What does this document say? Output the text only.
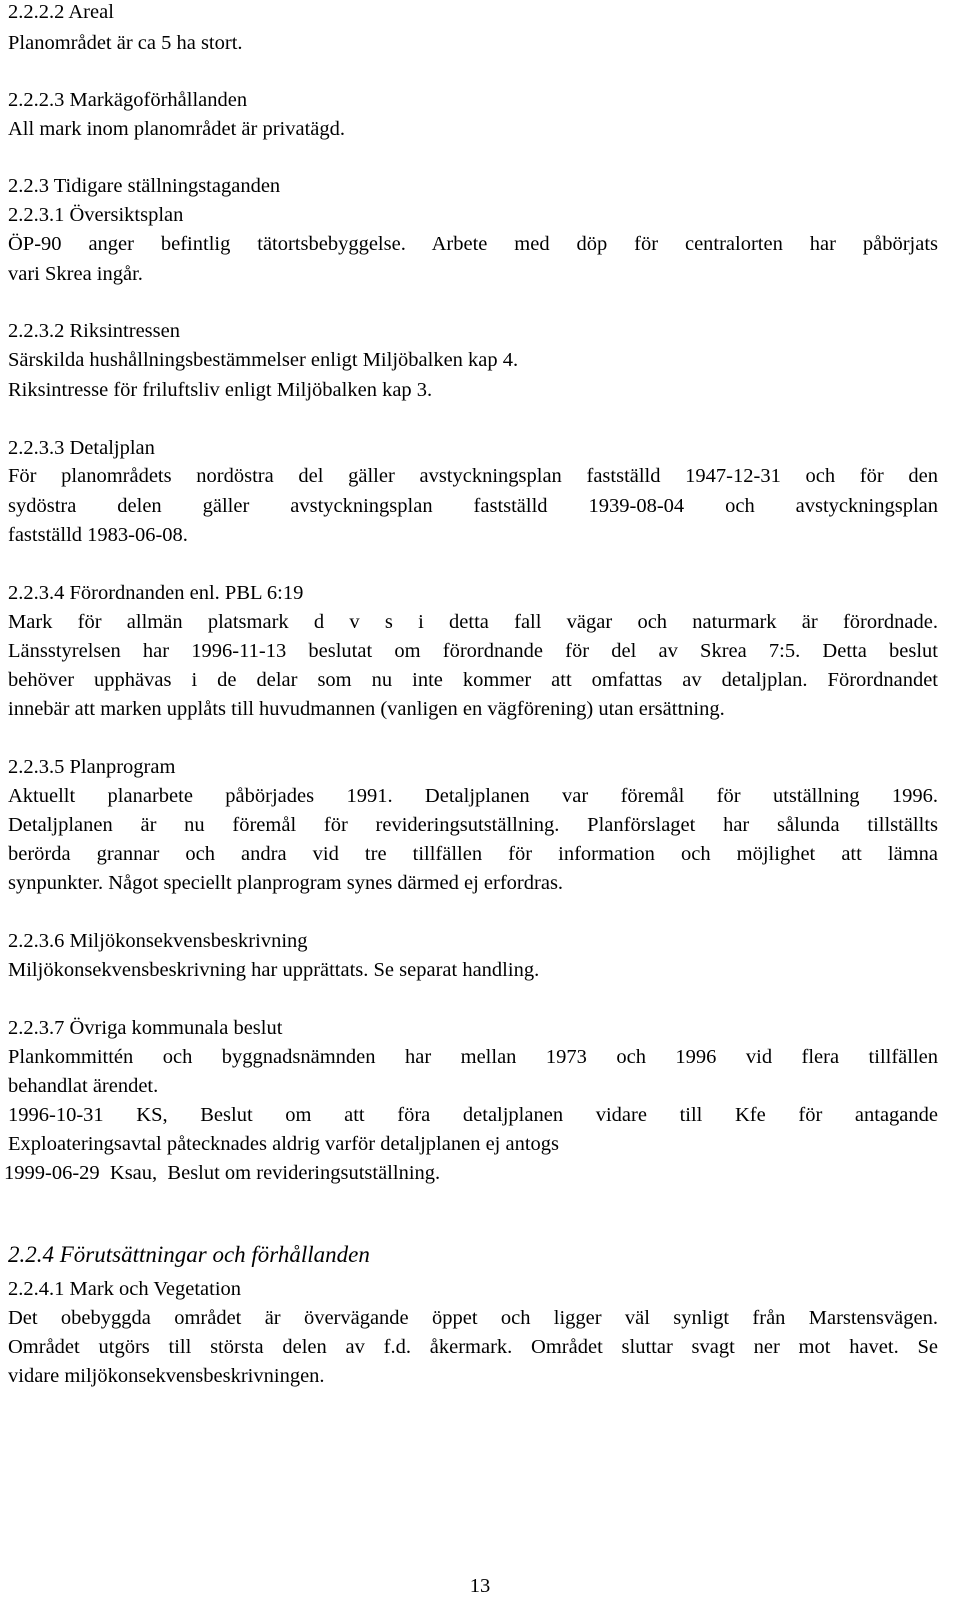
2.2.2.2 Areal
Planområdet är ca 5 ha stort.
2.2.2.3 Markägoförhållanden
All mark inom planområdet är privatägd.
2.2.3 Tidigare ställningstaganden
2.2.3.1 Översiktsplan
ÖP-90 anger befintlig tätortsbebyggelse. Arbete med döp för centralorten har påbörjats
vari Skrea ingår.
2.2.3.2 Riksintressen
Särskilda hushållningsbestämmelser enligt Miljöbalken kap 4.
Riksintresse för friluftsliv enligt Miljöbalken kap 3.
2.2.3.3 Detaljplan
För planområdets nordöstra del gäller avstyckningsplan fastställd 1947-12-31 och för den
sydöstra delen gäller avstyckningsplan fastställd 1939-08-04 och avstyckningsplan
fastställd 1983-06-08.
2.2.3.4 Förordnanden enl. PBL 6:19
Mark för allmän platsmark d v s i detta fall vägar och naturmark är förordnade.
Länsstyrelsen har 1996-11-13 beslutat om förordnande för del av Skrea 7:5. Detta beslut
behöver upphävas i de delar som nu inte kommer att omfattas av detaljplan. Förordnandet
innebär att marken upplåts till huvudmannen (vanligen en vägförening) utan ersättning.
2.2.3.5 Planprogram
Aktuellt planarbete påbörjades 1991. Detaljplanen var föremål för utställning 1996.
Detaljplanen är nu föremål för revideringsutställning. Planförslaget har sålunda tillställts
berörda grannar och andra vid tre tillfällen för information och möjlighet att lämna
synpunkter. Något speciellt planprogram synes därmed ej erfordras.
2.2.3.6 Miljökonsekvensbeskrivning
Miljökonsekvensbeskrivning har upprättats. Se separat handling.
2.2.3.7 Övriga kommunala beslut
Plankommittén och byggnadsnämnden har mellan 1973 och 1996 vid flera tillfällen
behandlat ärendet.
1996-10-31 KS, Beslut om att föra detaljplanen vidare till Kfe för antagande
Exploateringsavtal påtecknades aldrig varför detaljplanen ej antogs
1999-06-29  Ksau,  Beslut om revideringsutställning.
2.2.4 Förutsättningar och förhållanden
2.2.4.1 Mark och Vegetation
Det obebyggda området är övervägande öppet och ligger väl synligt från Marstensvägen.
Området utgörs till största delen av f.d. åkermark. Området sluttar svagt ner mot havet. Se
vidare miljökonsekvensbeskrivningen.
13
